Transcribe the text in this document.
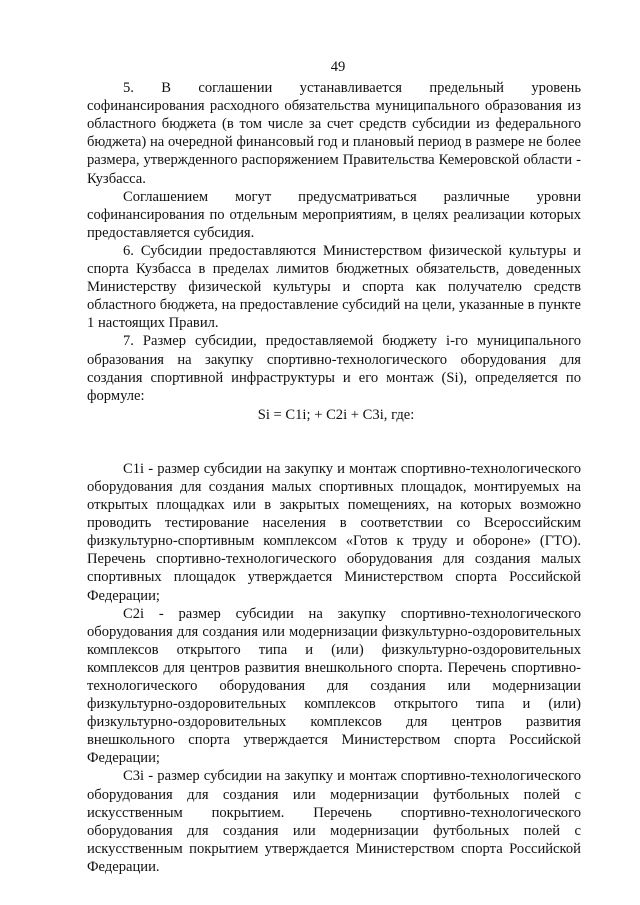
49

5. В соглашении устанавливается предельный уровень софинансирования расходного обязательства муниципального образования из областного бюджета (в том числе за счет средств субсидии из федерального бюджета) на очередной финансовый год и плановый период в размере не более размера, утвержденного распоряжением Правительства Кемеровской области - Кузбасса.

Соглашением могут предусматриваться различные уровни софинансирования по отдельным мероприятиям, в целях реализации которых предоставляется субсидия.

6. Субсидии предоставляются Министерством физической культуры и спорта Кузбасса в пределах лимитов бюджетных обязательств, доведенных Министерству физической культуры и спорта как получателю средств областного бюджета, на предоставление субсидий на цели, указанные в пункте 1 настоящих Правил.

7. Размер субсидии, предоставляемой бюджету i-го муниципального образования на закупку спортивно-технологического оборудования для создания спортивной инфраструктуры и его монтаж (Si), определяется по формуле:

Si = C1i; + C2i + C3i, где:

C1i - размер субсидии на закупку и монтаж спортивно-технологического оборудования для создания малых спортивных площадок, монтируемых на открытых площадках или в закрытых помещениях, на которых возможно проводить тестирование населения в соответствии со Всероссийским физкультурно-спортивным комплексом «Готов к труду и обороне» (ГТО). Перечень спортивно-технологического оборудования для создания малых спортивных площадок утверждается Министерством спорта Российской Федерации;

C2i - размер субсидии на закупку спортивно-технологического оборудования для создания или модернизации физкультурно-оздоровительных комплексов открытого типа и (или) физкультурно-оздоровительных комплексов для центров развития внешкольного спорта. Перечень спортивно-технологического оборудования для создания или модернизации физкультурно-оздоровительных комплексов открытого типа и (или) физкультурно-оздоровительных комплексов для центров развития внешкольного спорта утверждается Министерством спорта Российской Федерации;

C3i - размер субсидии на закупку и монтаж спортивно-технологического оборудования для создания или модернизации футбольных полей с искусственным покрытием. Перечень спортивно-технологического оборудования для создания или модернизации футбольных полей с искусственным покрытием утверждается Министерством спорта Российской Федерации.
